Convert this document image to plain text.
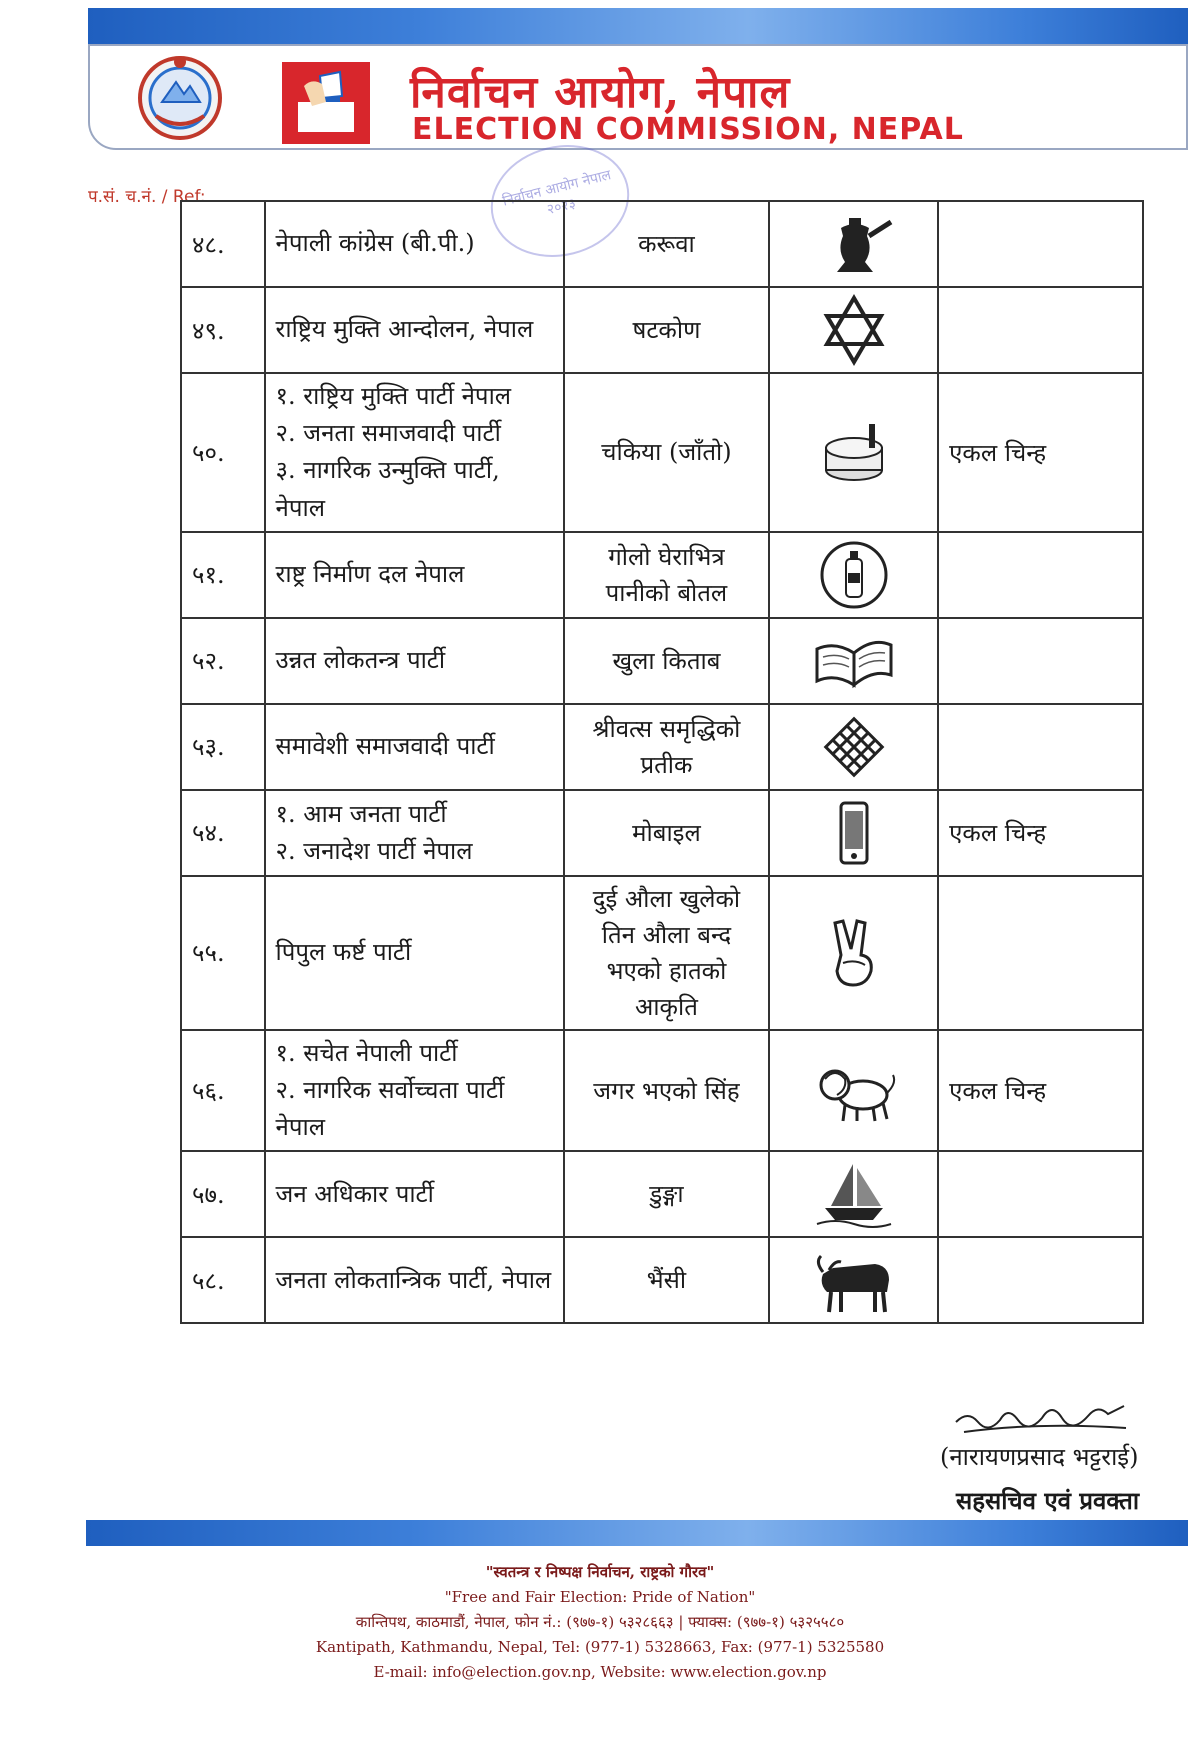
निर्वाचन आयोग, नेपाल
ELECTION COMMISSION, NEPAL
प.सं. च.नं. / Ref:	निर्वाचन आयोग नेपाल २०२३
४८.	नेपाली कांग्रेस (बी.पी.)	करूवा

४९.	राष्ट्रिय मुक्ति आन्दोलन, नेपाल	षटकोण

५०.	१. राष्ट्रिय मुक्ति पार्टी नेपाल
२. जनता समाजवादी पार्टी
३. नागरिक उन्मुक्ति पार्टी, नेपाल	चकिया (जाँतो)		एकल चिन्ह
५१.	राष्ट्र निर्माण दल नेपाल	गोलो घेराभित्र
पानीको बोतल

५२.	उन्नत लोकतन्त्र पार्टी	खुला किताब

५३.	समावेशी समाजवादी पार्टी	श्रीवत्स समृद्धिको
प्रतीक

५४.	१. आम जनता पार्टी
२. जनादेश पार्टी नेपाल	मोबाइल		एकल चिन्ह
५५.	पिपुल फर्ष्ट पार्टी	दुई औला खुलेको
तिन औला बन्द
भएको हातको
आकृति

५६.	१. सचेत नेपाली पार्टी
२. नागरिक सर्वोच्चता पार्टी नेपाल	जगर भएको सिंह		एकल चिन्ह
५७.	जन अधिकार पार्टी	डुङ्गा

५८.	जनता लोकतान्त्रिक पार्टी, नेपाल	भैंसी

(नारायणप्रसाद भट्टराई)
सहसचिव एवं प्रवक्ता
"स्वतन्त्र र निष्पक्ष निर्वाचन, राष्ट्रको गौरव"
"Free and Fair Election: Pride of Nation"
कान्तिपथ, काठमाडौं, नेपाल, फोन नं.: (९७७-१) ५३२८६६३ | फ्याक्स: (९७७-१) ५३२५५८०
Kantipath, Kathmandu, Nepal, Tel: (977-1) 5328663, Fax: (977-1) 5325580
E-mail: info@election.gov.np, Website: www.election.gov.np
